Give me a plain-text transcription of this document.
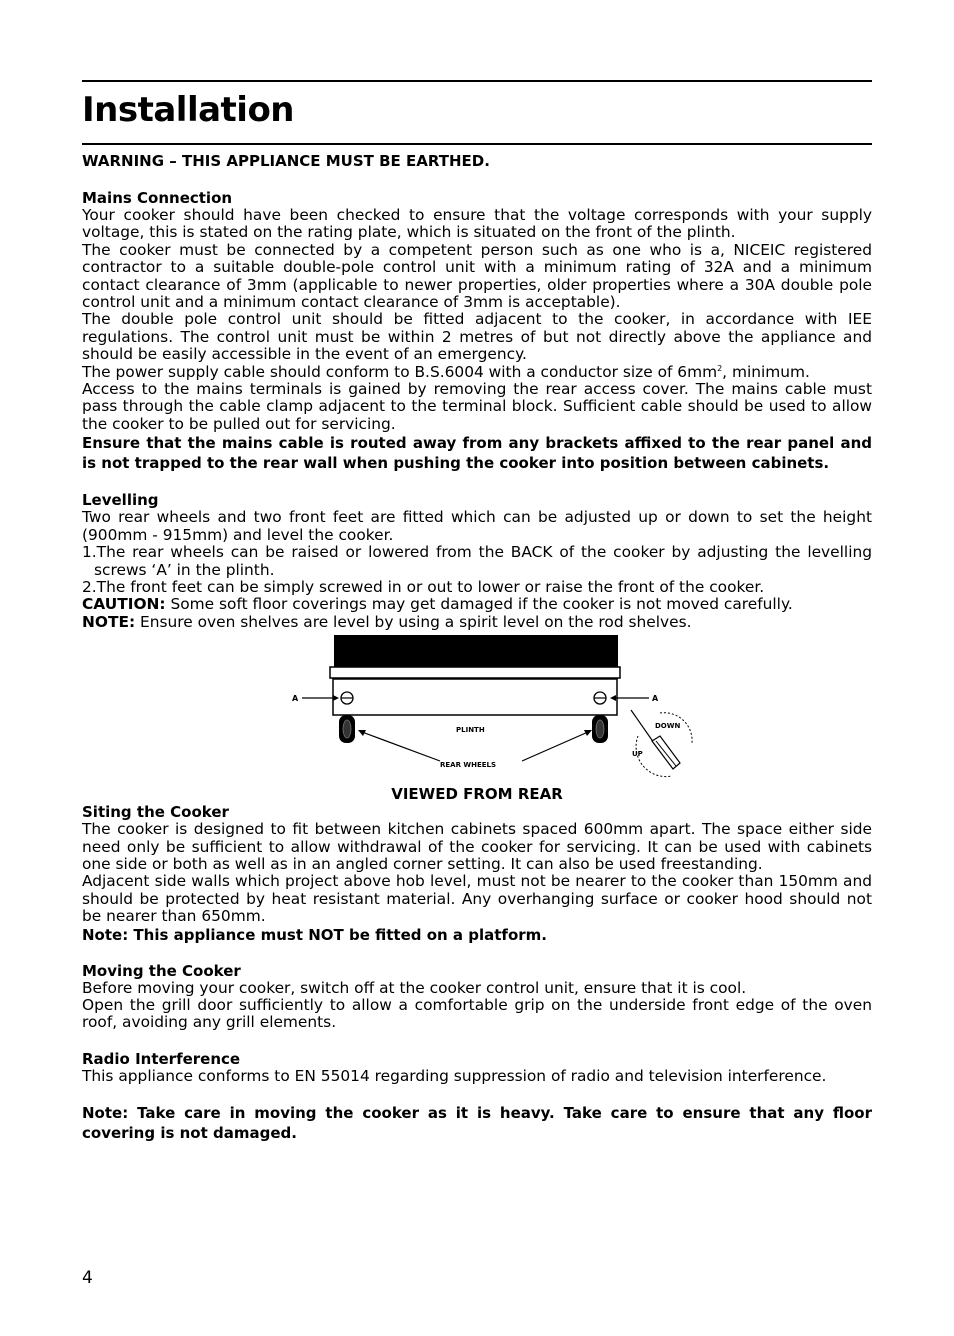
Installation

WARNING – THIS APPLIANCE MUST BE EARTHED.

Mains Connection

Your cooker should have been checked to ensure that the voltage corresponds with your supply voltage, this is stated on the rating plate, which is situated on the front of the plinth.

The cooker must be connected by a competent person such as one who is a, NICEIC registered contractor to a suitable double-pole control unit with a minimum rating of 32A and a minimum contact clearance of 3mm (applicable to newer properties, older properties where a 30A double pole control unit and a minimum contact clearance of 3mm is acceptable).

The double pole control unit should be fitted adjacent to the cooker, in accordance with IEE regulations. The control unit must be within 2 metres of but not directly above the appliance and should be easily accessible in the event of an emergency.

The power supply cable should conform to B.S.6004 with a conductor size of $6mm^2$, minimum.

Access to the mains terminals is gained by removing the rear access cover. The mains cable must pass through the cable clamp adjacent to the terminal block. Sufficient cable should be used to allow the cooker to be pulled out for servicing.

Ensure that the mains cable is routed away from any brackets affixed to the rear panel and is not trapped to the rear wall when pushing the cooker into position between cabinets.

Levelling

Two rear wheels and two front feet are fitted which can be adjusted up or down to set the height (900mm - 915mm) and level the cooker.

1.The rear wheels can be raised or lowered from the BACK of the cooker by adjusting the levelling screws ‘A’ in the plinth.

2.The front feet can be simply screwed in or out to lower or raise the front of the cooker.

CAUTION: Some soft floor coverings may get damaged if the cooker is not moved carefully.

NOTE: Ensure oven shelves are level by using a spirit level on the rod shelves.

A	A
PLINTH
REAR WHEELS
DOWN
UP

VIEWED FROM REAR

Siting the Cooker

The cooker is designed to fit between kitchen cabinets spaced 600mm apart. The space either side need only be sufficient to allow withdrawal of the cooker for servicing. It can be used with cabinets one side or both as well as in an angled corner setting. It can also be used freestanding.

Adjacent side walls which project above hob level, must not be nearer to the cooker than 150mm and should be protected by heat resistant material. Any overhanging surface or cooker hood should not be nearer than 650mm.

Note: This appliance must NOT be fitted on a platform.

Moving the Cooker

Before moving your cooker, switch off at the cooker control unit, ensure that it is cool.

Open the grill door sufficiently to allow a comfortable grip on the underside front edge of the oven roof, avoiding any grill elements.

Radio Interference

This appliance conforms to EN 55014 regarding suppression of radio and television interference.

Note: Take care in moving the cooker as it is heavy. Take care to ensure that any floor covering is not damaged.

4
